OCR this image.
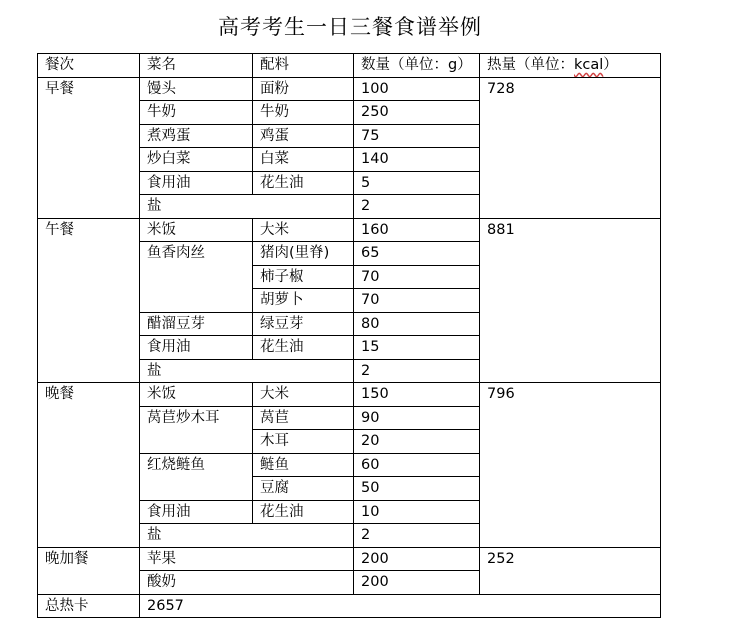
高考考生一日三餐食谱举例
餐次	菜名	配料	数量（单位：g）	热量（单位：kcal）
早餐	馒头	面粉	100	728
	牛奶	牛奶	250	
	煮鸡蛋	鸡蛋	75	
	炒白菜	白菜	140	
	食用油	花生油	5	
	盐		2	
午餐	米饭	大米	160	881
	鱼香肉丝	猪肉(里脊)	65	
		柿子椒	70	
		胡萝卜	70	
	醋溜豆芽	绿豆芽	80	
	食用油	花生油	15	
	盐		2	
晚餐	米饭	大米	150	796
	莴苣炒木耳	莴苣	90	
		木耳	20	
	红烧鲢鱼	鲢鱼	60	
		豆腐	50	
	食用油	花生油	10	
	盐		2	
晚加餐	苹果		200	252
	酸奶		200	
总热卡	2657			
